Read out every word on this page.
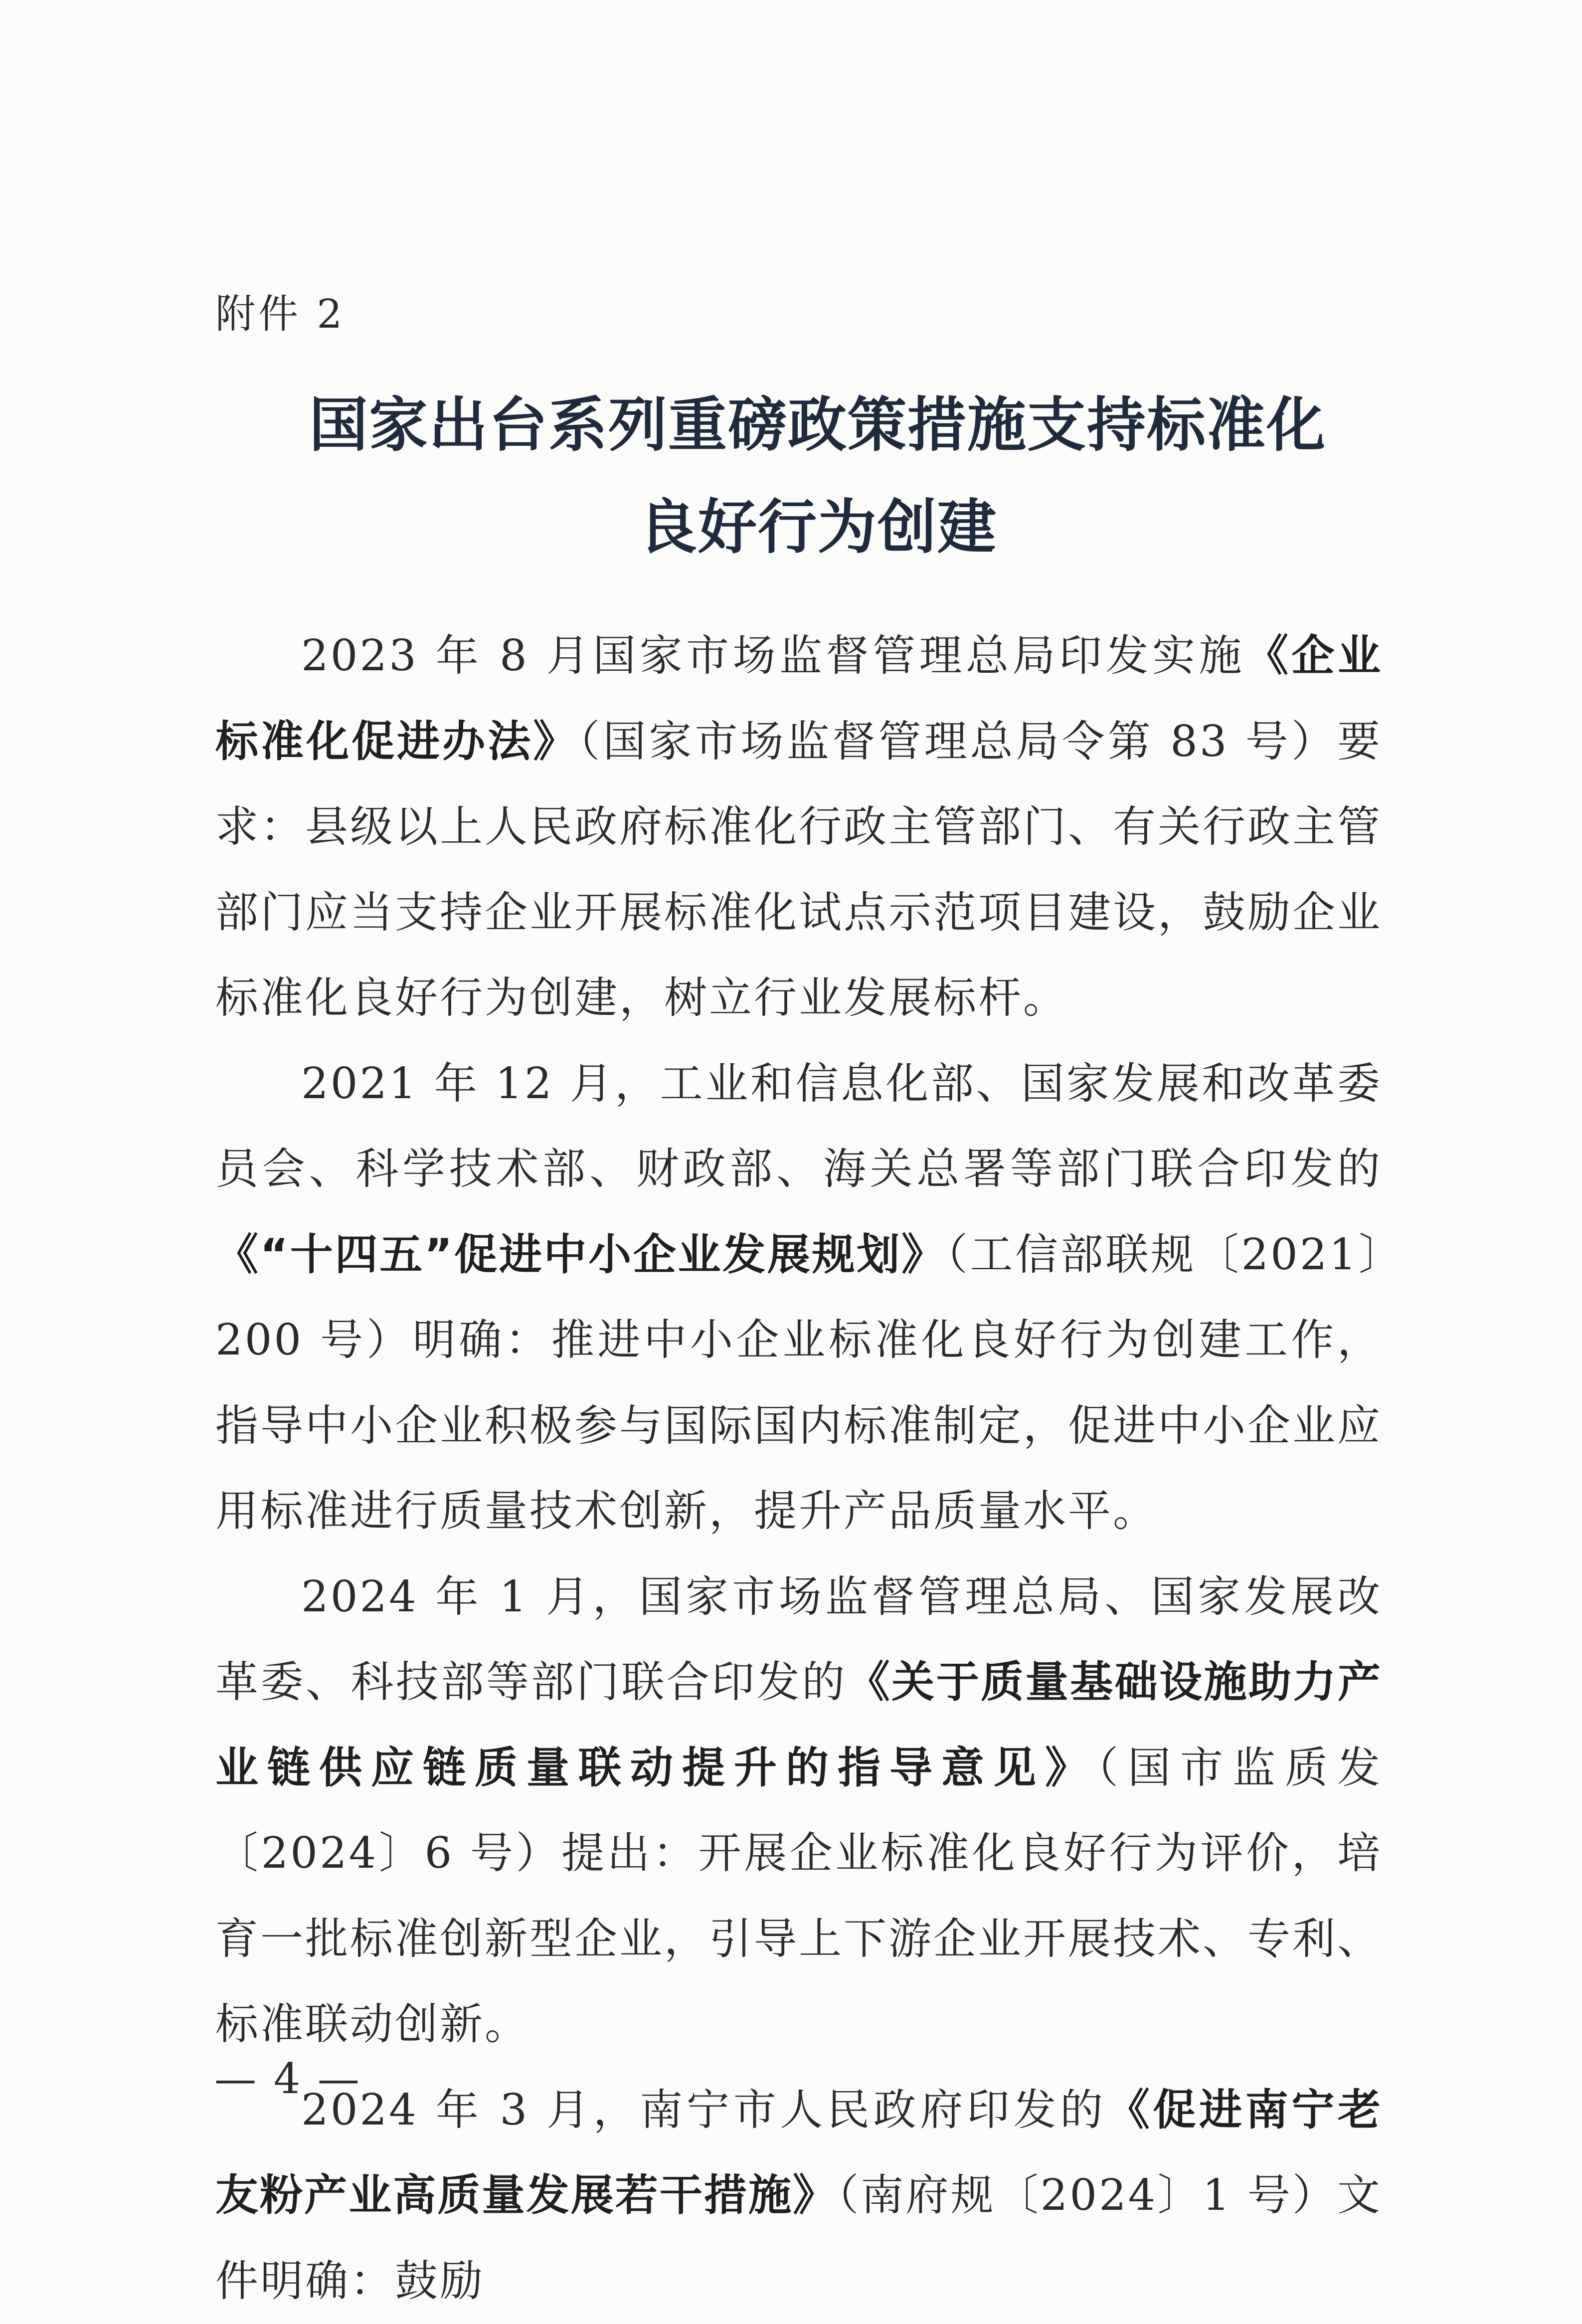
附件 2
国家出台系列重磅政策措施支持标准化
良好行为创建

2023 年 8 月国家市场监督管理总局印发实施《企业标准化促进办法》（国家市场监督管理总局令第 83 号）要求：县级以上人民政府标准化行政主管部门、有关行政主管部门应当支持企业开展标准化试点示范项目建设，鼓励企业标准化良好行为创建，树立行业发展标杆。

2021 年 12 月，工业和信息化部、国家发展和改革委员会、科学技术部、财政部、海关总署等部门联合印发的《“十四五”促进中小企业发展规划》（工信部联规〔2021〕200 号）明确：推进中小企业标准化良好行为创建工作，指导中小企业积极参与国际国内标准制定，促进中小企业应用标准进行质量技术创新，提升产品质量水平。

2024 年 1 月，国家市场监督管理总局、国家发展改革委、科技部等部门联合印发的《关于质量基础设施助力产业链供应链质量联动提升的指导意见》（国市监质发〔2024〕6 号）提出：开展企业标准化良好行为评价，培育一批标准创新型企业，引导上下游企业开展技术、专利、标准联动创新。

2024 年 3 月，南宁市人民政府印发的《促进南宁老友粉产业高质量发展若干措施》（南府规〔2024〕1 号）文件明确：鼓励

— 4 —
